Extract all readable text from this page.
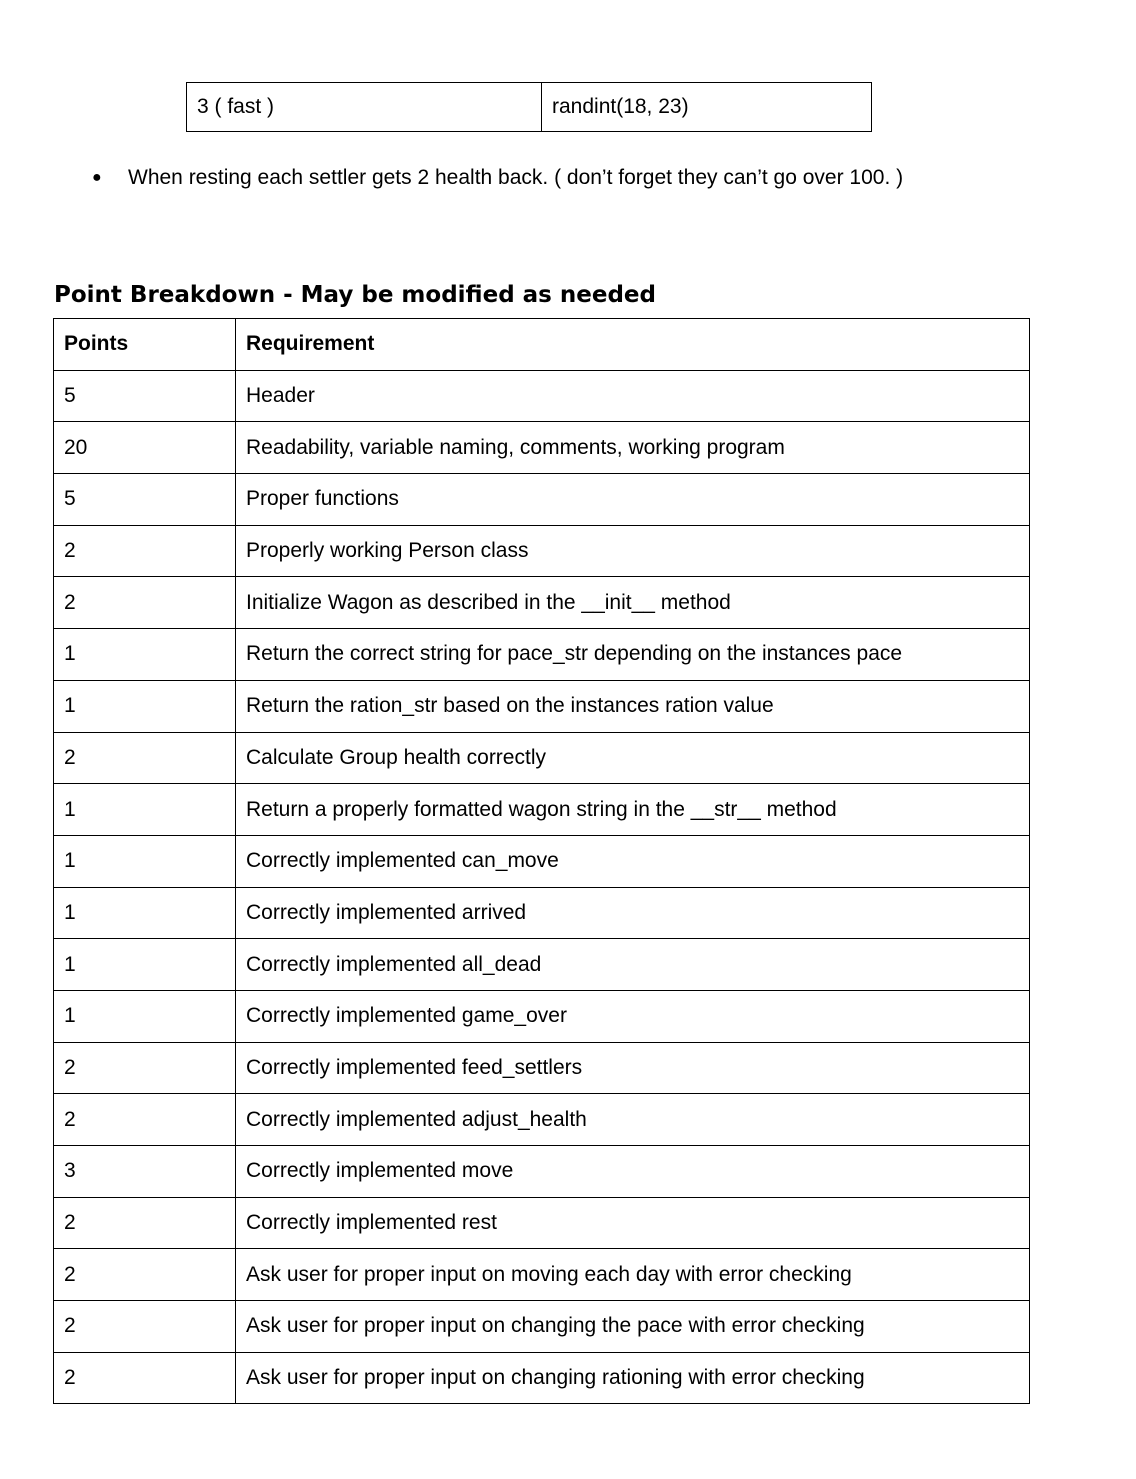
3 ( fast )	randint(18, 23)
●	When resting each settler gets 2 health back. ( don’t forget they can’t go over 100. )
Point Breakdown - May be modified as needed
Points	Requirement
5	Header
20	Readability, variable naming, comments, working program
5	Proper functions
2	Properly working Person class
2	Initialize Wagon as described in the __init__ method
1	Return the correct string for pace_str depending on the instances pace
1	Return the ration_str based on the instances ration value
2	Calculate Group health correctly
1	Return a properly formatted wagon string in the __str__ method
1	Correctly implemented can_move
1	Correctly implemented arrived
1	Correctly implemented all_dead
1	Correctly implemented game_over
2	Correctly implemented feed_settlers
2	Correctly implemented adjust_health
3	Correctly implemented move
2	Correctly implemented rest
2	Ask user for proper input on moving each day with error checking
2	Ask user for proper input on changing the pace with error checking
2	Ask user for proper input on changing rationing with error checking
